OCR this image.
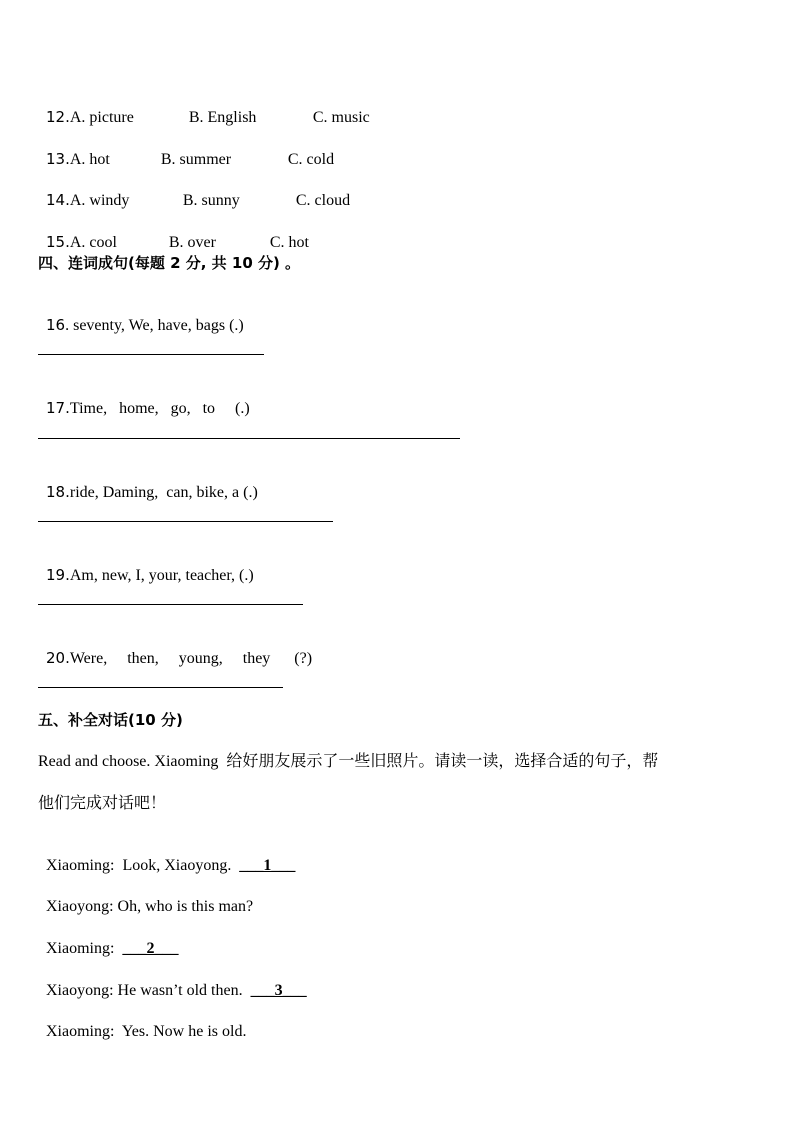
12.A. picture	B. English	C. music

13.A. hot	B. summer	C. cold

14.A. windy	B. sunny	C. cloud

15.A. cool	B. over	C. hot

四、连词成句(每题 2 分, 共 10 分) 。

16. seventy, We, have, bags (.)

17.Time,   home,   go,   to     (.)

18.ride, Daming,  can, bike, a (.)

19.Am, new, I, your, teacher, (.)

20.Were,     then,     young,     they      (?)

五、补全对话(10 分)
Read and choose. Xiaoming  给好朋友展示了一些旧照片。请读一读，选择合适的句子，帮
他们完成对话吧！

Xiaoming:  Look, Xiaoyong.  ___1___

Xiaoyong: Oh, who is this man?

Xiaoming: ___2___

Xiaoyong: He wasn’t old then.  ___3___

Xiaoming:  Yes. Now he is old.
